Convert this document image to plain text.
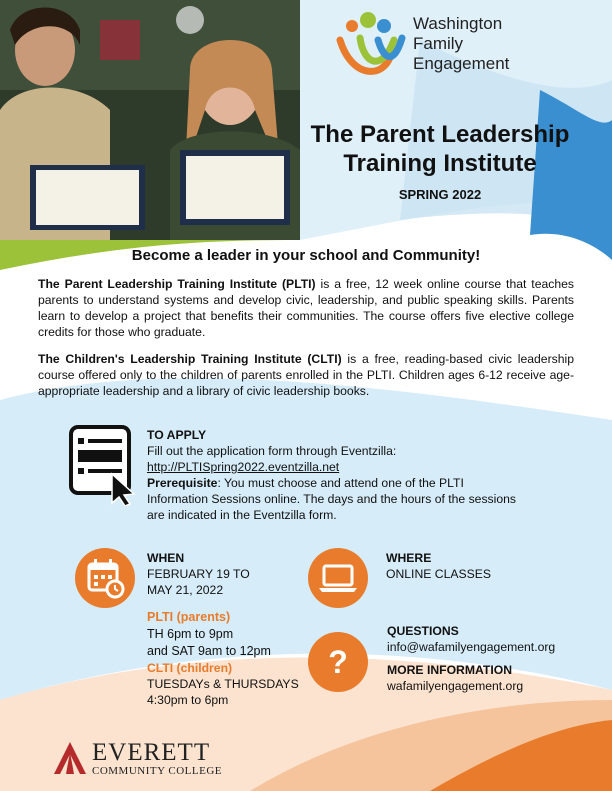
Washington
Family
Engagement
The Parent Leadership
Training Institute
SPRING 2022
Become a leader in your school and Community!
The Parent Leadership Training Institute (PLTI) is a free, 12 week online course that teaches parents to understand systems and develop civic, leadership, and public speaking skills. Parents learn to develop a project that benefits their communities. The course offers five elective college credits for those who graduate.
The Children's Leadership Training Institute (CLTI) is a free, reading-based civic leadership course offered only to the children of parents enrolled in the PLTI. Children ages 6-12 receive age-appropriate leadership and a library of civic leadership books.
TO APPLY
Fill out the application form through Eventzilla:
http://PLTISpring2022.eventzilla.net
Prerequisite: You must choose and attend one of the PLTI Information Sessions online. The days and the hours of the sessions are indicated in the Eventzilla form.
WHEN
FEBRUARY 19 TO
MAY 21, 2022
PLTI (parents)
TH 6pm to 9pm
and SAT 9am to 12pm
CLTI (children)
TUESDAYs & THURSDAYS
4:30pm to 6pm
WHERE
ONLINE CLASSES
?
QUESTIONS
info@wafamilyengagement.org
MORE INFORMATION
wafamilyengagement.org
EVERETT
COMMUNITY COLLEGE
